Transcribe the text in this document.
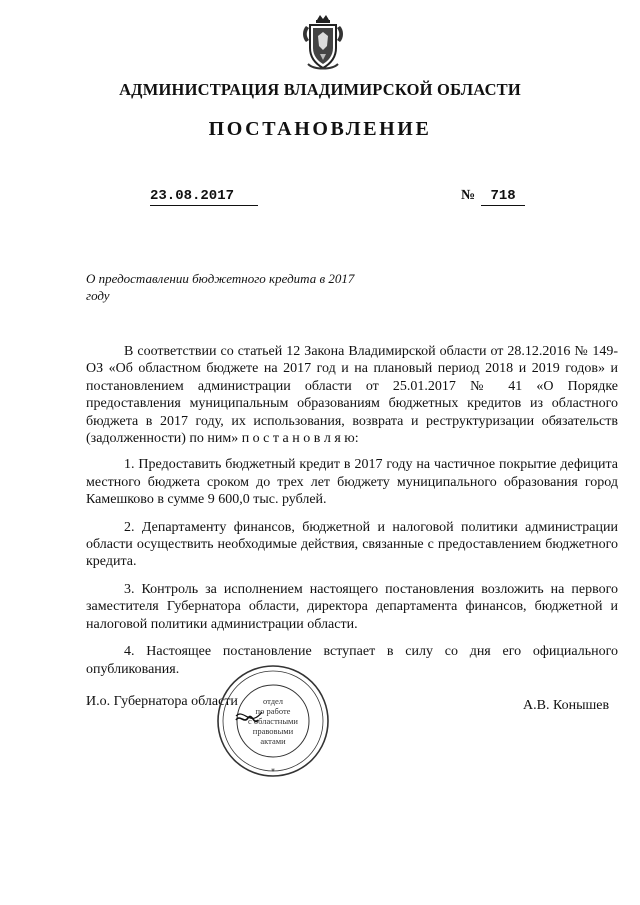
АДМИНИСТРАЦИЯ ВЛАДИМИРСКОЙ ОБЛАСТИ
ПОСТАНОВЛЕНИЕ
23.08.2017	№ 718
О предоставлении бюджетного кредита в 2017 году

В соответствии со статьей 12 Закона Владимирской области от 28.12.2016 № 149-ОЗ «Об областном бюджете на 2017 год и на плановый период 2018 и 2019 годов» и постановлением администрации области от 25.01.2017 № 41 «О Порядке предоставления муниципальным образованиям бюджетных кредитов из областного бюджета в 2017 году, их использования, возврата и реструктуризации обязательств (задолженности) по ним» п о с т а н о в л я ю:

1. Предоставить бюджетный кредит в 2017 году на частичное покрытие дефицита местного бюджета сроком до трех лет бюджету муниципального образования город Камешково в сумме 9 600,0 тыс. рублей.

2. Департаменту финансов, бюджетной и налоговой политики администрации области осуществить необходимые действия, связанные с предоставлением бюджетного кредита.

3. Контроль за исполнением настоящего постановления возложить на первого заместителя Губернатора области, директора департамента финансов, бюджетной и налоговой политики администрации области.

4. Настоящее постановление вступает в силу со дня его официального опубликования.

И.о. Губернатора области	А.В. Конышев
*
отдел
по работе
с областными
правовыми
актами
